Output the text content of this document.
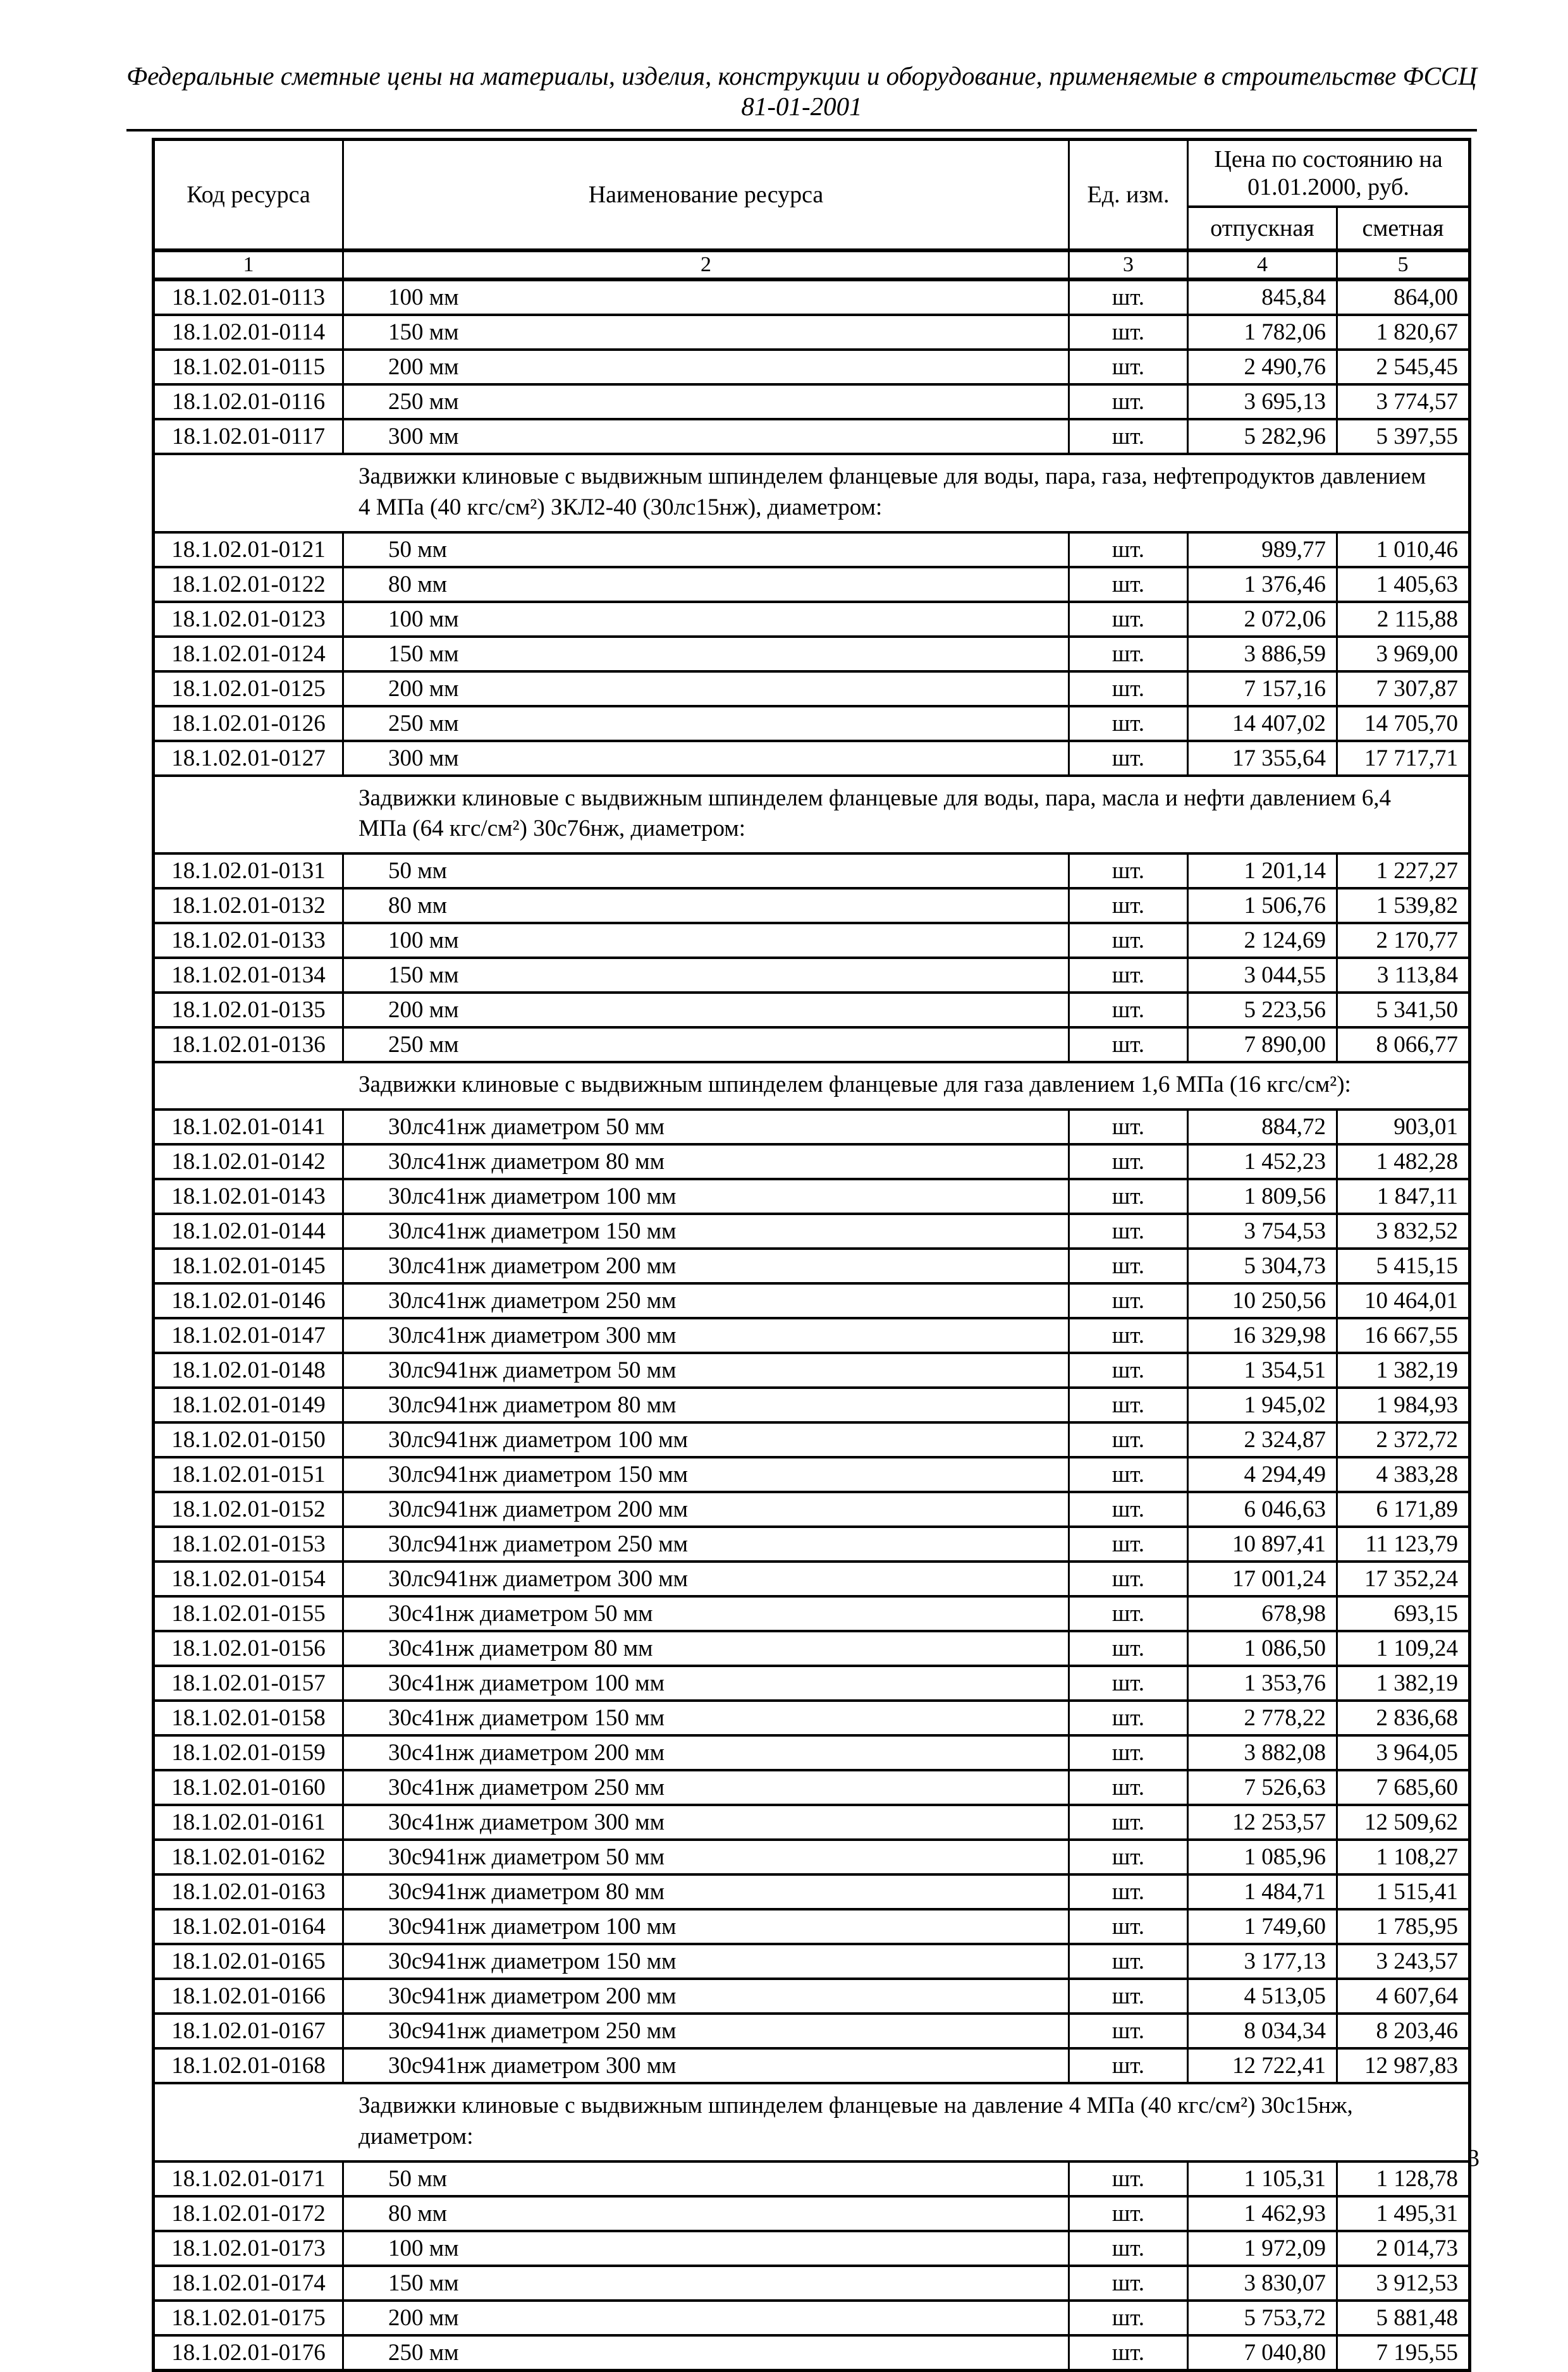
Федеральные сметные цены на материалы, изделия, конструкции и оборудование, применяемые в строительстве ФССЦ 81-01-2001
Код ресурса	Наименование ресурса	Ед. изм.	Цена по состоянию на 01.01.2000, руб.	
			отпускная	сметная
1	2	3	4	5
18.1.02.01-0113	100 мм	шт.	845,84	864,00
18.1.02.01-0114	150 мм	шт.	1 782,06	1 820,67
18.1.02.01-0115	200 мм	шт.	2 490,76	2 545,45
18.1.02.01-0116	250 мм	шт.	3 695,13	3 774,57
18.1.02.01-0117	300 мм	шт.	5 282,96	5 397,55
Задвижки клиновые с выдвижным шпинделем фланцевые для воды, пара, газа, нефтепродуктов давлением 4 МПа (40 кгс/см²) ЗКЛ2-40 (30лс15нж), диаметром:				
18.1.02.01-0121	50 мм	шт.	989,77	1 010,46
18.1.02.01-0122	80 мм	шт.	1 376,46	1 405,63
18.1.02.01-0123	100 мм	шт.	2 072,06	2 115,88
18.1.02.01-0124	150 мм	шт.	3 886,59	3 969,00
18.1.02.01-0125	200 мм	шт.	7 157,16	7 307,87
18.1.02.01-0126	250 мм	шт.	14 407,02	14 705,70
18.1.02.01-0127	300 мм	шт.	17 355,64	17 717,71
Задвижки клиновые с выдвижным шпинделем фланцевые для воды, пара, масла и нефти давлением 6,4 МПа (64 кгс/см²) 30с76нж, диаметром:				
18.1.02.01-0131	50 мм	шт.	1 201,14	1 227,27
18.1.02.01-0132	80 мм	шт.	1 506,76	1 539,82
18.1.02.01-0133	100 мм	шт.	2 124,69	2 170,77
18.1.02.01-0134	150 мм	шт.	3 044,55	3 113,84
18.1.02.01-0135	200 мм	шт.	5 223,56	5 341,50
18.1.02.01-0136	250 мм	шт.	7 890,00	8 066,77
Задвижки клиновые с выдвижным шпинделем фланцевые для газа давлением 1,6 МПа (16 кгс/см²):				
18.1.02.01-0141	30лс41нж диаметром 50 мм	шт.	884,72	903,01
18.1.02.01-0142	30лс41нж диаметром 80 мм	шт.	1 452,23	1 482,28
18.1.02.01-0143	30лс41нж диаметром 100 мм	шт.	1 809,56	1 847,11
18.1.02.01-0144	30лс41нж диаметром 150 мм	шт.	3 754,53	3 832,52
18.1.02.01-0145	30лс41нж диаметром 200 мм	шт.	5 304,73	5 415,15
18.1.02.01-0146	30лс41нж диаметром 250 мм	шт.	10 250,56	10 464,01
18.1.02.01-0147	30лс41нж диаметром 300 мм	шт.	16 329,98	16 667,55
18.1.02.01-0148	30лс941нж диаметром 50 мм	шт.	1 354,51	1 382,19
18.1.02.01-0149	30лс941нж диаметром 80 мм	шт.	1 945,02	1 984,93
18.1.02.01-0150	30лс941нж диаметром 100 мм	шт.	2 324,87	2 372,72
18.1.02.01-0151	30лс941нж диаметром 150 мм	шт.	4 294,49	4 383,28
18.1.02.01-0152	30лс941нж диаметром 200 мм	шт.	6 046,63	6 171,89
18.1.02.01-0153	30лс941нж диаметром 250 мм	шт.	10 897,41	11 123,79
18.1.02.01-0154	30лс941нж диаметром 300 мм	шт.	17 001,24	17 352,24
18.1.02.01-0155	30с41нж диаметром 50 мм	шт.	678,98	693,15
18.1.02.01-0156	30с41нж диаметром 80 мм	шт.	1 086,50	1 109,24
18.1.02.01-0157	30с41нж диаметром 100 мм	шт.	1 353,76	1 382,19
18.1.02.01-0158	30с41нж диаметром 150 мм	шт.	2 778,22	2 836,68
18.1.02.01-0159	30с41нж диаметром 200 мм	шт.	3 882,08	3 964,05
18.1.02.01-0160	30с41нж диаметром 250 мм	шт.	7 526,63	7 685,60
18.1.02.01-0161	30с41нж диаметром 300 мм	шт.	12 253,57	12 509,62
18.1.02.01-0162	30с941нж диаметром 50 мм	шт.	1 085,96	1 108,27
18.1.02.01-0163	30с941нж диаметром 80 мм	шт.	1 484,71	1 515,41
18.1.02.01-0164	30с941нж диаметром 100 мм	шт.	1 749,60	1 785,95
18.1.02.01-0165	30с941нж диаметром 150 мм	шт.	3 177,13	3 243,57
18.1.02.01-0166	30с941нж диаметром 200 мм	шт.	4 513,05	4 607,64
18.1.02.01-0167	30с941нж диаметром 250 мм	шт.	8 034,34	8 203,46
18.1.02.01-0168	30с941нж диаметром 300 мм	шт.	12 722,41	12 987,83
Задвижки клиновые с выдвижным шпинделем фланцевые на давление 4 МПа (40 кгс/см²) 30с15нж, диаметром:				
18.1.02.01-0171	50 мм	шт.	1 105,31	1 128,78
18.1.02.01-0172	80 мм	шт.	1 462,93	1 495,31
18.1.02.01-0173	100 мм	шт.	1 972,09	2 014,73
18.1.02.01-0174	150 мм	шт.	3 830,07	3 912,53
18.1.02.01-0175	200 мм	шт.	5 753,72	5 881,48
18.1.02.01-0176	250 мм	шт.	7 040,80	7 195,55
3
